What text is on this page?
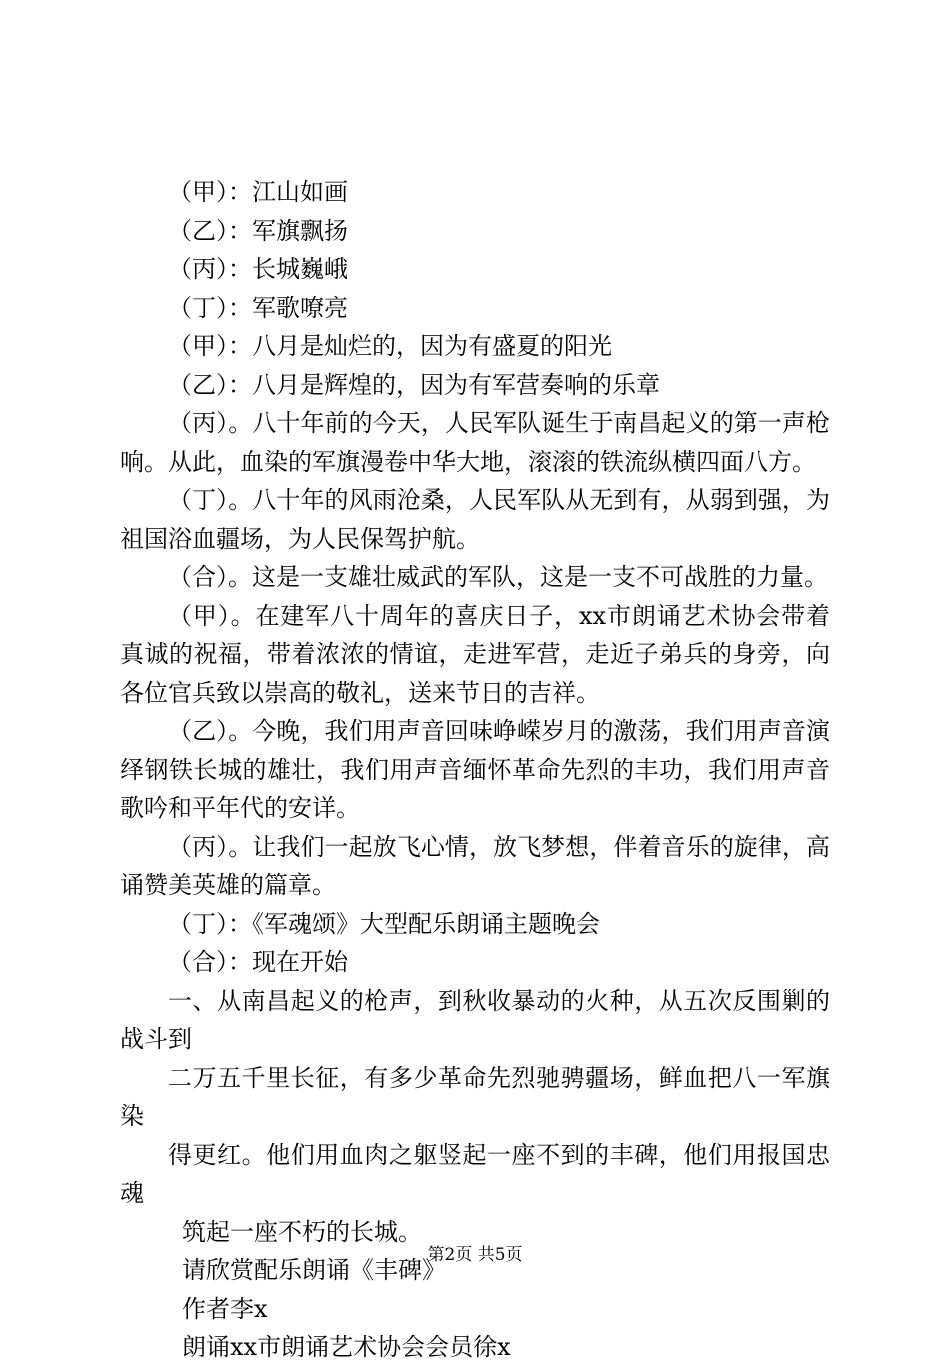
（甲）：江山如画

（乙）：军旗飘扬

（丙）：长城巍峨

（丁）：军歌嘹亮

（甲）：八月是灿烂的，因为有盛夏的阳光

（乙）：八月是辉煌的，因为有军营奏响的乐章

（丙）。八十年前的今天，人民军队诞生于南昌起义的第一声枪响。从此，血染的军旗漫卷中华大地，滚滚的铁流纵横四面八方。

（丁）。八十年的风雨沧桑，人民军队从无到有，从弱到强，为祖国浴血疆场，为人民保驾护航。

（合）。这是一支雄壮威武的军队，这是一支不可战胜的力量。

（甲）。在建军八十周年的喜庆日子，xx市朗诵艺术协会带着真诚的祝福，带着浓浓的情谊，走进军营，走近子弟兵的身旁，向各位官兵致以崇高的敬礼，送来节日的吉祥。

（乙）。今晚，我们用声音回味峥嵘岁月的激荡，我们用声音演绎钢铁长城的雄壮，我们用声音缅怀革命先烈的丰功，我们用声音歌吟和平年代的安详。

（丙）。让我们一起放飞心情，放飞梦想，伴着音乐的旋律，高诵赞美英雄的篇章。

（丁）：《军魂颂》大型配乐朗诵主题晚会

（合）：现在开始

一、从南昌起义的枪声，到秋收暴动的火种，从五次反围剿的战斗到

二万五千里长征，有多少革命先烈驰骋疆场，鲜血把八一军旗染

得更红。他们用血肉之躯竖起一座不到的丰碑，他们用报国忠魂

筑起一座不朽的长城。

请欣赏配乐朗诵《丰碑》

作者李x

朗诵xx市朗诵艺术协会会员徐x

第2页 共5页
